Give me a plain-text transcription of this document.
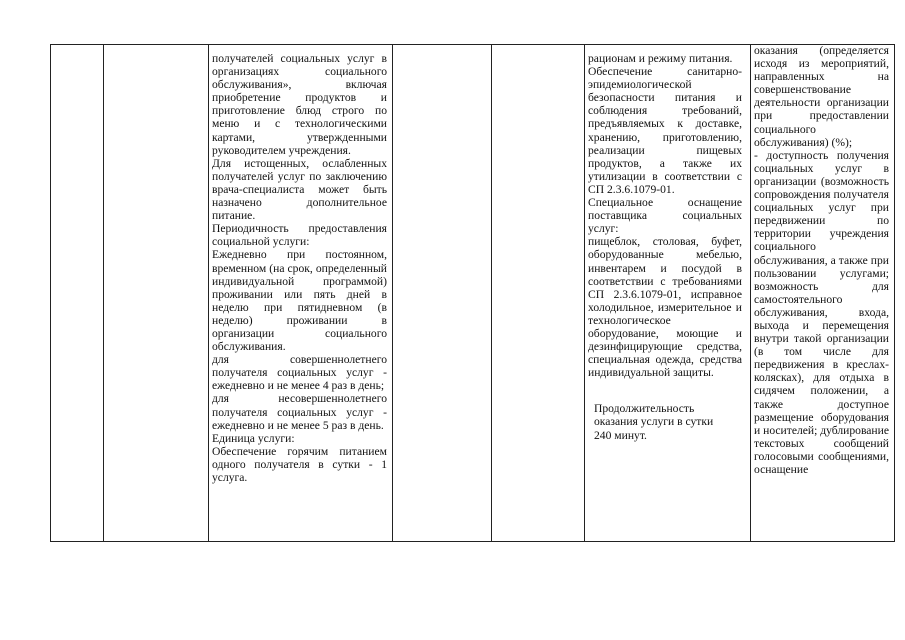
получателей социальных услуг в организациях социального обслуживания», включая приобретение продуктов и приготовление блюд строго по меню и с технологическими картами, утвержденными руководителем учреждения.

Для истощенных, ослабленных получателей услуг по заключению врача-специалиста может быть назначено дополнительное питание.

Периодичность предоставления социальной услуги:

Ежедневно при постоянном, временном (на срок, определенный индивидуальной программой) проживании или пять дней в неделю при пятидневном (в неделю) проживании в организации социального обслуживания.

для совершеннолетнего получателя социальных услуг - ежедневно и не менее 4 раз в день;

для несовершеннолетнего получателя социальных услуг - ежедневно и не менее 5 раз в день.

Единица услуги:

Обеспечение горячим питанием одного получателя в сутки - 1 услуга.

рационам и режиму питания.

Обеспечение санитарно-эпидемиологической безопасности питания и соблюдения требований, предъявляемых к доставке, хранению, приготовлению, реализации пищевых продуктов, а также их утилизации в соответствии с СП 2.3.6.1079-01.

Специальное оснащение поставщика социальных услуг:

пищеблок, столовая, буфет, оборудованные мебелью, инвентарем и посудой в соответствии с требованиями СП 2.3.6.1079-01, исправное холодильное, измерительное и технологическое оборудование, моющие и дезинфицирующие средства, специальная одежда, средства индивидуальной защиты.

Продолжительность оказания услуги в сутки 240 минут.

оказания (определяется исходя из мероприятий, направленных на совершенствование деятельности организации при предоставлении социального обслуживания) (%);

- доступность получения социальных услуг в организации (возможность сопровождения получателя социальных услуг при передвижении по территории учреждения социального обслуживания, а также при пользовании услугами; возможность для самостоятельного обслуживания, входа, выхода и перемещения внутри такой организации (в том числе для передвижения в креслах-колясках), для отдыха в сидячем положении, а также доступное размещение оборудования и носителей; дублирование текстовых сообщений голосовыми сообщениями, оснащение
